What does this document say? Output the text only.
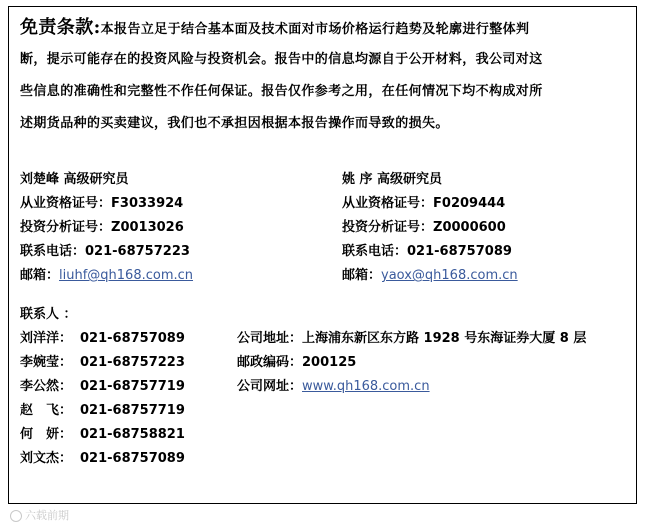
免责条款:本报告立足于结合基本面及技术面对市场价格运行趋势及轮廓进行整体判
断，提示可能存在的投资风险与投资机会。报告中的信息均源自于公开材料，我公司对这
些信息的准确性和完整性不作任何保证。报告仅作参考之用，在任何情况下均不构成对所
述期货品种的买卖建议，我们也不承担因根据本报告操作而导致的损失。
刘楚峰 高级研究员
从业资格证号：F3033924
投资分析证号：Z0013026
联系电话：021-68757223
邮箱：liuhf@qh168.com.cn
姚 序 高级研究员
从业资格证号：F0209444
投资分析证号：Z0000600
联系电话：021-68757089
邮箱：yaox@qh168.com.cn
联系人 ：
刘洋洋： 021-68757089
李婉莹： 021-68757223
李公然： 021-68757719
赵　飞： 021-68757719
何　妍： 021-68758821
刘文杰： 021-68757089
公司地址：上海浦东新区东方路 1928 号东海证券大厦 8 层
邮政编码：200125
公司网址：www.qh168.com.cn
六载前期
